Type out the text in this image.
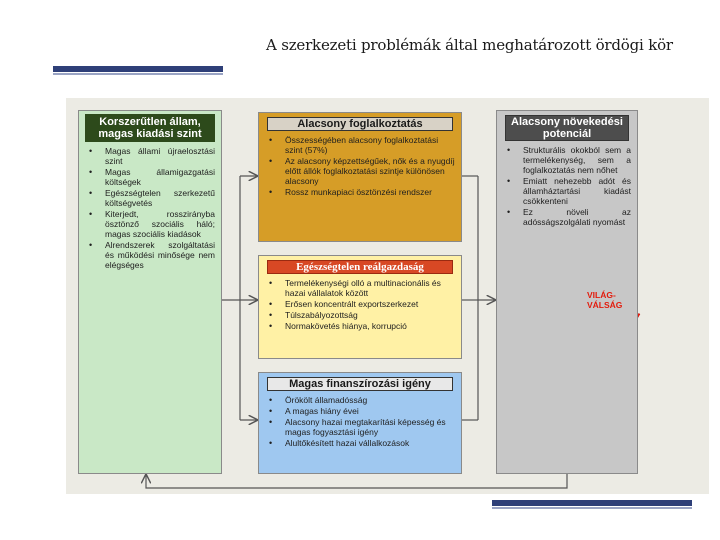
A szerkezeti problémák által meghatározott ördögi kör
Korszerűtlen állam, magas kiadási szint
• Magas állami újraelosztási szint
• Magas államigazgatási költségek
• Egészségtelen szerkezetű költségvetés
• Kiterjedt, rosszirányba ösztönző szociális háló; magas szociális kiadások
• Alrendszerek szolgáltatási és működési minősége nem elégséges
Alacsony foglalkoztatás
• Összességében alacsony foglalkoztatási szint (57%)
• Az alacsony képzettségűek, nők és a nyugdíj előtt állók foglalkoztatási szintje különösen alacsony
• Rossz munkapiaci ösztönzési rendszer
Egészségtelen reálgazdaság
• Termelékenységi olló a multinacionális és hazai vállalatok között
• Erősen koncentrált exportszerkezet
• Túlszabályozottság
• Normakövetés hiánya, korrupció
Magas finanszírozási igény
• Örökölt államadósság
• A magas hiány évei
• Alacsony hazai megtakarítási képesség és magas fogyasztási igény
• Alultőkésített hazai vállalkozások
Alacsony növekedési potenciál
• Strukturális okokból sem a termelékenység, sem a foglalkoztatás nem nőhet
• Emiatt nehezebb adót és államháztartási kiadást csökkenteni
• Ez növeli az adósságszolgálati nyomást
VILÁG-VÁLSÁG
